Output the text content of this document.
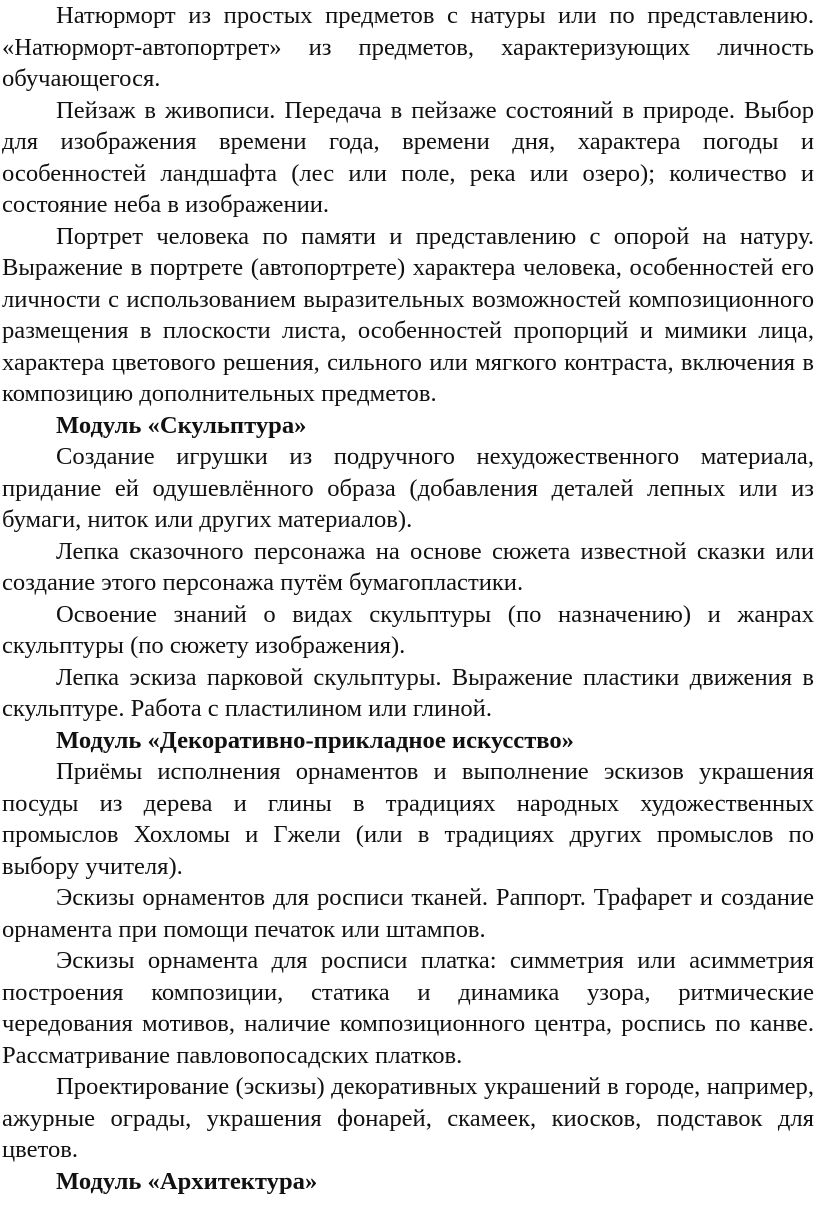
Натюрморт из простых предметов с натуры или по представлению. «Натюрморт-автопортрет» из предметов, характеризующих личность обучающегося.

Пейзаж в живописи. Передача в пейзаже состояний в природе. Выбор для изображения времени года, времени дня, характера погоды и особенностей ландшафта (лес или поле, река или озеро); количество и состояние неба в изображении.

Портрет человека по памяти и представлению с опорой на натуру. Выражение в портрете (автопортрете) характера человека, особенностей его личности с использованием выразительных возможностей композиционного размещения в плоскости листа, особенностей пропорций и мимики лица, характера цветового решения, сильного или мягкого контраста, включения в композицию дополнительных предметов.

Модуль «Скульптура»

Создание игрушки из подручного нехудожественного материала, придание ей одушевлённого образа (добавления деталей лепных или из бумаги, ниток или других материалов).

Лепка сказочного персонажа на основе сюжета известной сказки или создание этого персонажа путём бумагопластики.

Освоение знаний о видах скульптуры (по назначению) и жанрах скульптуры (по сюжету изображения).

Лепка эскиза парковой скульптуры. Выражение пластики движения в скульптуре. Работа с пластилином или глиной.

Модуль «Декоративно-прикладное искусство»

Приёмы исполнения орнаментов и выполнение эскизов украшения посуды из дерева и глины в традициях народных художественных промыслов Хохломы и Гжели (или в традициях других промыслов по выбору учителя).

Эскизы орнаментов для росписи тканей. Раппорт. Трафарет и создание орнамента при помощи печаток или штампов.

Эскизы орнамента для росписи платка: симметрия или асимметрия построения композиции, статика и динамика узора, ритмические чередования мотивов, наличие композиционного центра, роспись по канве. Рассматривание павловопосадских платков.

Проектирование (эскизы) декоративных украшений в городе, например, ажурные ограды, украшения фонарей, скамеек, киосков, подставок для цветов.

Модуль «Архитектура»
